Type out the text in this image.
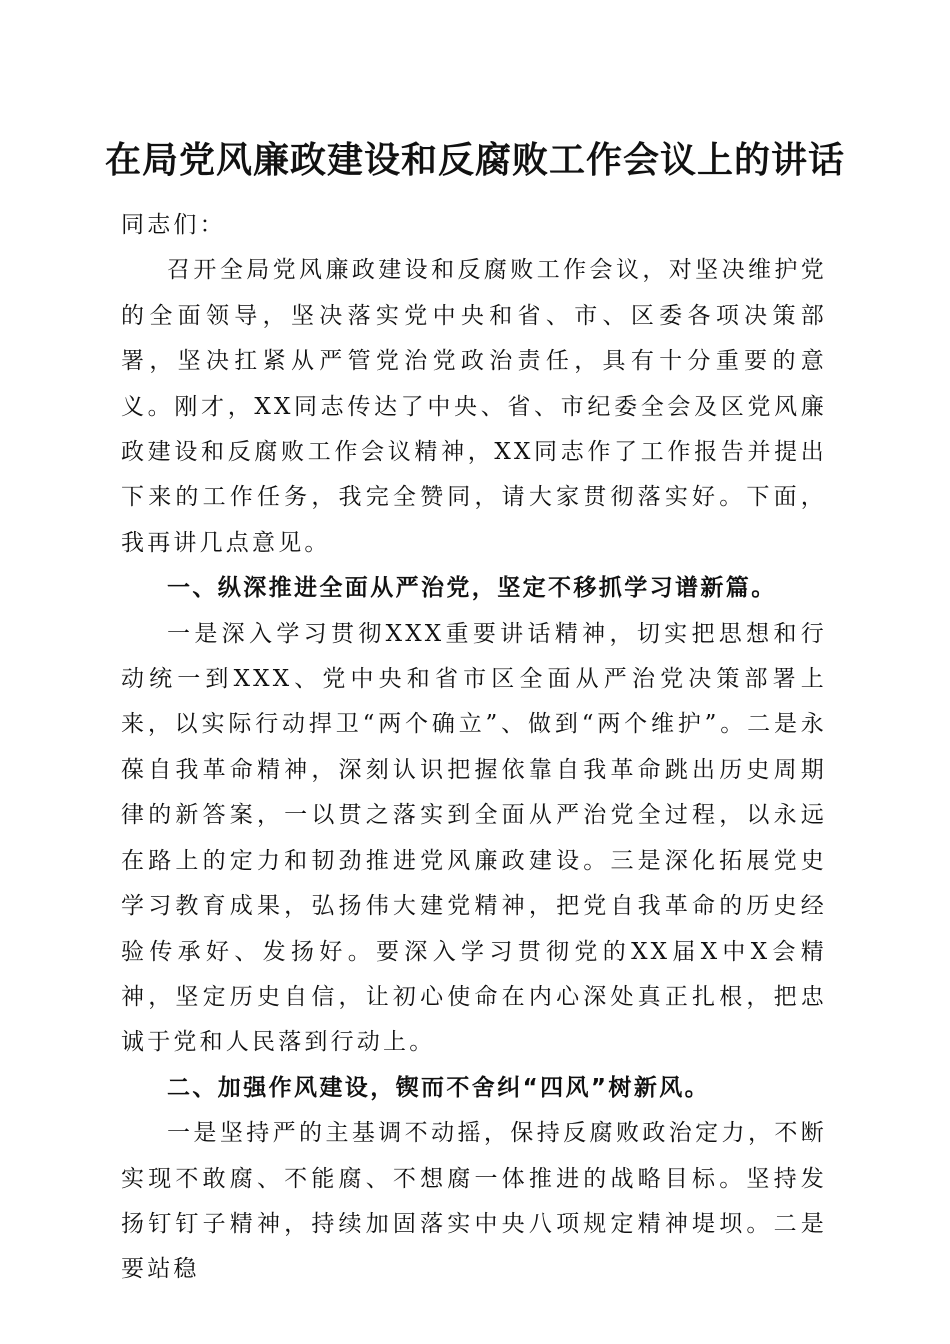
在局党风廉政建设和反腐败工作会议上的讲话

同志们：

召开全局党风廉政建设和反腐败工作会议，对坚决维护党的全面领导，坚决落实党中央和省、市、区委各项决策部署，坚决扛紧从严管党治党政治责任，具有十分重要的意义。刚才，XX同志传达了中央、省、市纪委全会及区党风廉政建设和反腐败工作会议精神，XX同志作了工作报告并提出下来的工作任务，我完全赞同，请大家贯彻落实好。下面，我再讲几点意见。

一、纵深推进全面从严治党，坚定不移抓学习谱新篇。

一是深入学习贯彻XXX重要讲话精神，切实把思想和行动统一到XXX、党中央和省市区全面从严治党决策部署上来，以实际行动捍卫“两个确立”、做到“两个维护”。二是永葆自我革命精神，深刻认识把握依靠自我革命跳出历史周期律的新答案，一以贯之落实到全面从严治党全过程，以永远在路上的定力和韧劲推进党风廉政建设。三是深化拓展党史学习教育成果，弘扬伟大建党精神，把党自我革命的历史经验传承好、发扬好。要深入学习贯彻党的XX届X中X会精神，坚定历史自信，让初心使命在内心深处真正扎根，把忠诚于党和人民落到行动上。

二、加强作风建设，锲而不舍纠“四风”树新风。

一是坚持严的主基调不动摇，保持反腐败政治定力，不断实现不敢腐、不能腐、不想腐一体推进的战略目标。坚持发扬钉钉子精神，持续加固落实中央八项规定精神堤坝。二是要站稳
